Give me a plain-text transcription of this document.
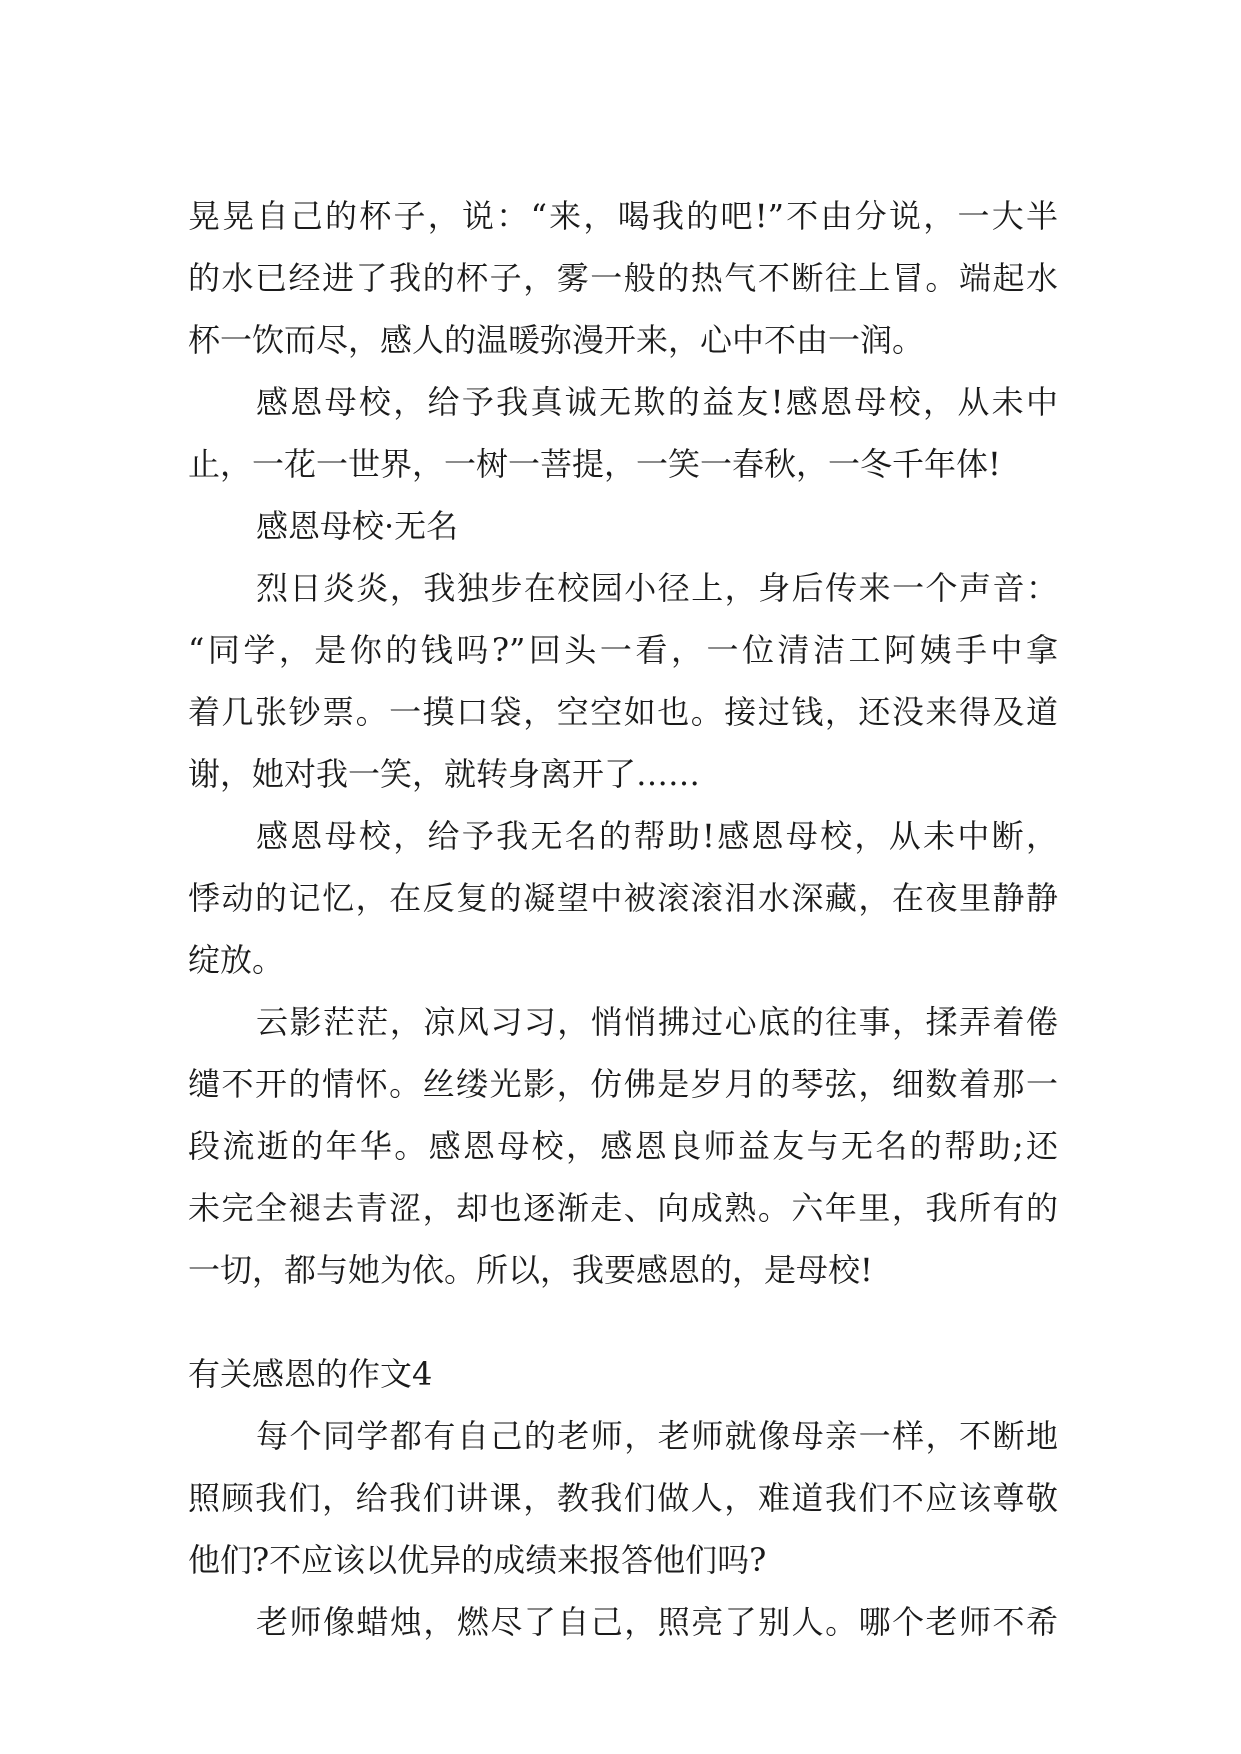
晃晃自己的杯子，说：“来，喝我的吧!”不由分说，一大半
的水已经进了我的杯子，雾一般的热气不断往上冒。端起水
杯一饮而尽，感人的温暖弥漫开来，心中不由一润。
感恩母校，给予我真诚无欺的益友!感恩母校，从未中
止，一花一世界，一树一菩提，一笑一春秋，一冬千年体!
感恩母校·无名
烈日炎炎，我独步在校园小径上，身后传来一个声音：
“同学，是你的钱吗?”回头一看，一位清洁工阿姨手中拿
着几张钞票。一摸口袋，空空如也。接过钱，还没来得及道
谢，她对我一笑，就转身离开了……
感恩母校，给予我无名的帮助!感恩母校，从未中断，
悸动的记忆，在反复的凝望中被滚滚泪水深藏，在夜里静静
绽放。
云影茫茫，凉风习习，悄悄拂过心底的往事，揉弄着倦
缱不开的情怀。丝缕光影，仿佛是岁月的琴弦，细数着那一
段流逝的年华。感恩母校，感恩良师益友与无名的帮助;还
未完全褪去青涩，却也逐渐走、向成熟。六年里，我所有的
一切，都与她为依。所以，我要感恩的，是母校!
有关感恩的作文4
每个同学都有自己的老师，老师就像母亲一样，不断地
照顾我们，给我们讲课，教我们做人，难道我们不应该尊敬
他们?不应该以优异的成绩来报答他们吗?
老师像蜡烛，燃尽了自己，照亮了别人。哪个老师不希
